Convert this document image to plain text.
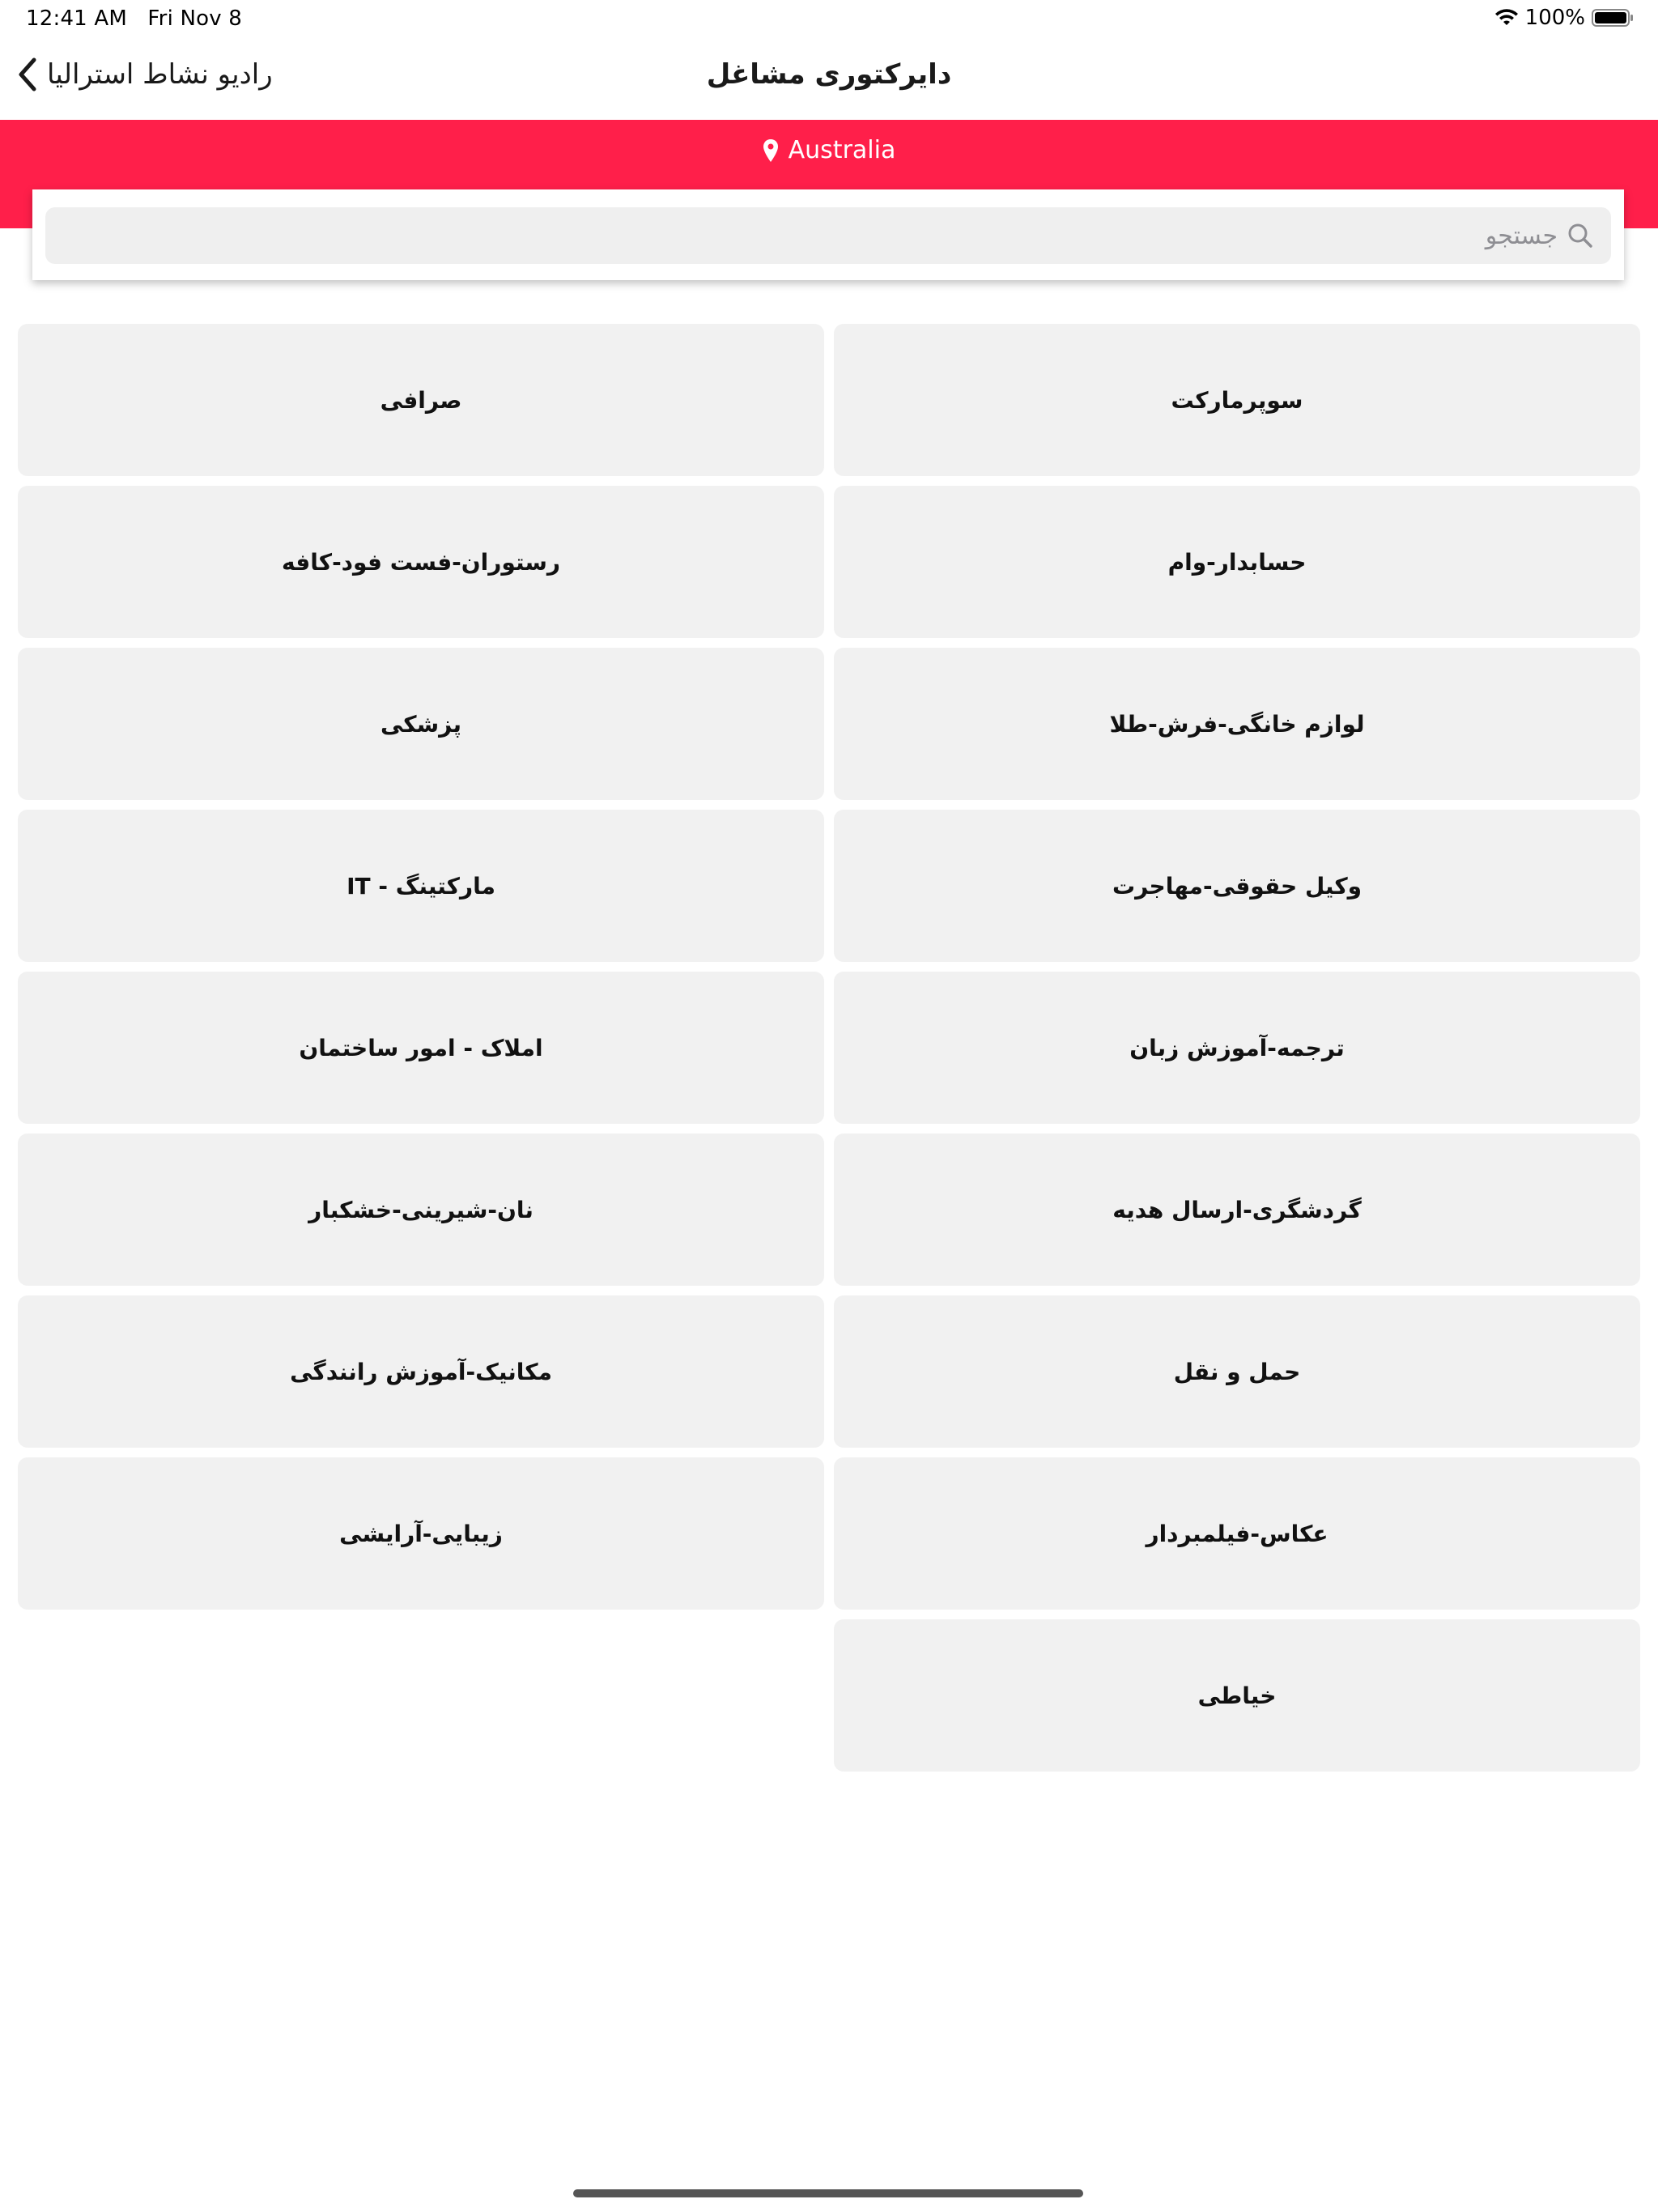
12:41 AM Fri Nov 8	100%
رادیو نشاط استرالیا	دایرکتوری مشاغل
Australia
جستجو
سوپرمارکت
صرافی
حسابدار-وام
رستوران-فست فود-کافه
لوازم خانگی-فرش-طلا
پزشکی
وکیل حقوقی-مهاجرت
مارکتینگ - IT
ترجمه-آموزش زبان
املاک - امور ساختمان
گردشگری-ارسال هدیه
نان-شیرینی-خشکبار
حمل و نقل
مکانیک-آموزش رانندگی
عکاس-فیلمبردار
زیبایی-آرایشی
خیاطی
